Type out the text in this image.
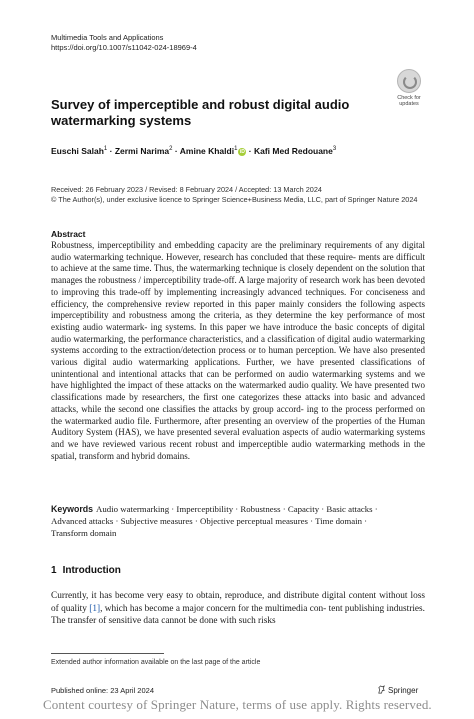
Multimedia Tools and Applications
https://doi.org/10.1007/s11042-024-18969-4
Check for
updates
Survey of imperceptible and robust digital audio watermarking systems
Euschi Salah$^1$ · Zermi Narima$^2$ · Amine Khaldi$^1$ iD · Kafi Med Redouane$^3$
Received: 26 February 2023 / Revised: 8 February 2024 / Accepted: 13 March 2024
© The Author(s), under exclusive licence to Springer Science+Business Media, LLC, part of Springer Nature 2024
Abstract
Robustness, imperceptibility and embedding capacity are the preliminary requirements of any digital audio watermarking technique. However, research has concluded that these require- ments are difficult to achieve at the same time. Thus, the watermarking technique is closely dependent on the solution that manages the robustness / imperceptibility trade-off. A large majority of research work has been devoted to improving this trade-off by implementing increasingly advanced techniques. For conciseness and efficiency, the comprehensive review reported in this paper mainly considers the following aspects imperceptibility and robustness among the criteria, as they determine the key performance of most existing audio watermark- ing systems. In this paper we have introduce the basic concepts of digital audio watermarking, the performance characteristics, and a classification of digital audio watermarking systems according to the extraction/detection process or to human perception. We have also presented various digital audio watermarking applications. Further, we have presented classifications of unintentional and intentional attacks that can be performed on audio watermarking systems and we have highlighted the impact of these attacks on the watermarked audio quality. We have presented two classifications made by researchers, the first one categorizes these attacks into basic and advanced attacks, while the second one classifies the attacks by group accord- ing to the process performed on the watermarked audio file. Furthermore, after presenting an overview of the properties of the Human Auditory System (HAS), we have presented several evaluation aspects of audio watermarking systems and we have reviewed various recent robust and imperceptible audio watermarking methods in the spatial, transform and hybrid domains.
Keywords Audio watermarking · Imperceptibility · Robustness · Capacity · Basic attacks ·
Advanced attacks · Subjective measures · Objective perceptual measures · Time domain ·
Transform domain
1 Introduction
Currently, it has become very easy to obtain, reproduce, and distribute digital content without loss of quality [1], which has become a major concern for the multimedia con- tent publishing industries. The transfer of sensitive data cannot be done with such risks
Extended author information available on the last page of the article
Published online: 23 April 2024	Springer
Content courtesy of Springer Nature, terms of use apply. Rights reserved.
